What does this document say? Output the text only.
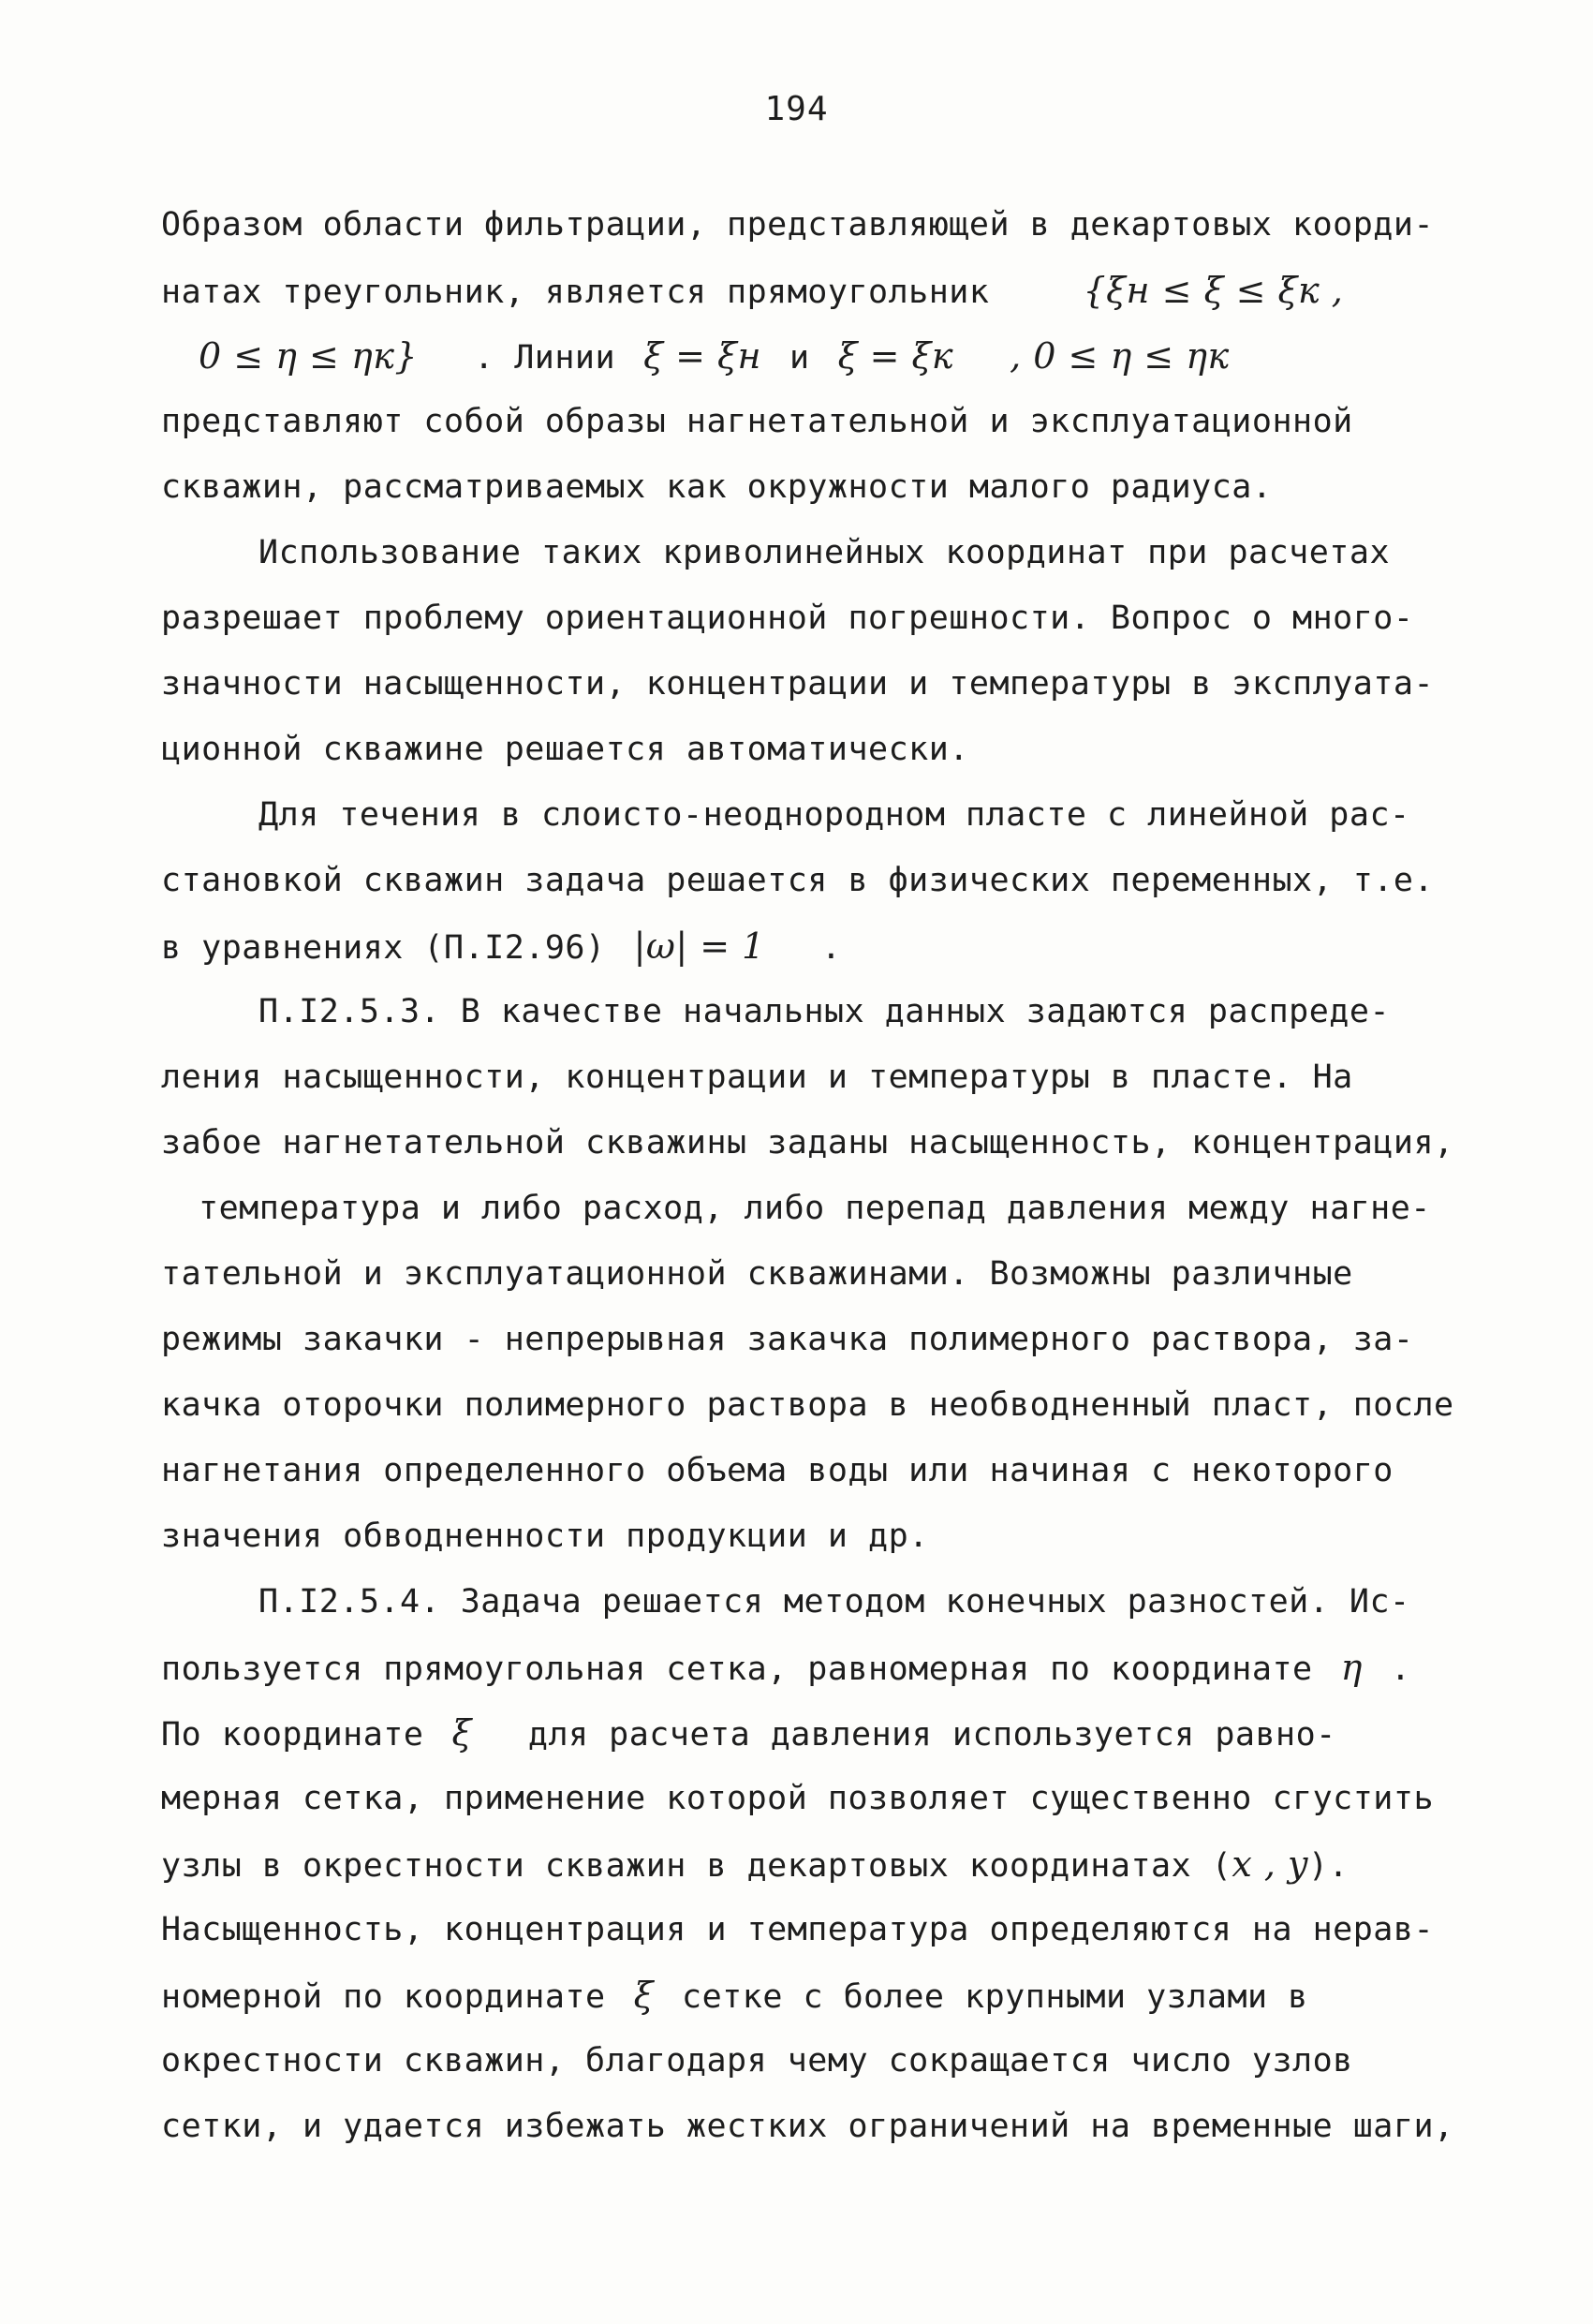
194
Образом области фильтрации, представляющей в декартовых коорди-
натах треугольник, является прямоугольник	{ξн ≤ ξ ≤ ξк ,
0 ≤ η ≤ ηк} . Линии ξ = ξн и ξ = ξк , 0 ≤ η ≤ ηк
представляют собой образы нагнетательной и эксплуатационной
скважин, рассматриваемых как окружности малого радиуса.
Использование таких криволинейных координат при расчетах
разрешает проблему ориентационной погрешности. Вопрос о много-
значности насыщенности, концентрации и температуры в эксплуата-
ционной скважине решается автоматически.
Для течения в слоисто-неоднородном пласте с линейной рас-
становкой скважин задача решается в физических переменных, т.е.
в уравнениях (П.I2.96) |ω| = 1 .
П.I2.5.3. В качестве начальных данных задаются распреде-
ления насыщенности, концентрации и температуры в пласте. На
забое нагнетательной скважины заданы насыщенность, концентрация,
температура и либо расход, либо перепад давления между нагне-
тательной и эксплуатационной скважинами. Возможны различные
режимы закачки - непрерывная закачка полимерного раствора, за-
качка оторочки полимерного раствора в необводненный пласт, после
нагнетания определенного объема воды или начиная с некоторого
значения обводненности продукции и др.
П.I2.5.4. Задача решается методом конечных разностей. Ис-
пользуется прямоугольная сетка, равномерная по координате η .
По координате ξ для расчета давления используется равно-
мерная сетка, применение которой позволяет существенно сгустить
узлы в окрестности скважин в декартовых координатах (x , y).
Насыщенность, концентрация и температура определяются на нерав-
номерной по координате ξ сетке с более крупными узлами в
окрестности скважин, благодаря чему сокращается число узлов
сетки, и удается избежать жестких ограничений на временные шаги,
